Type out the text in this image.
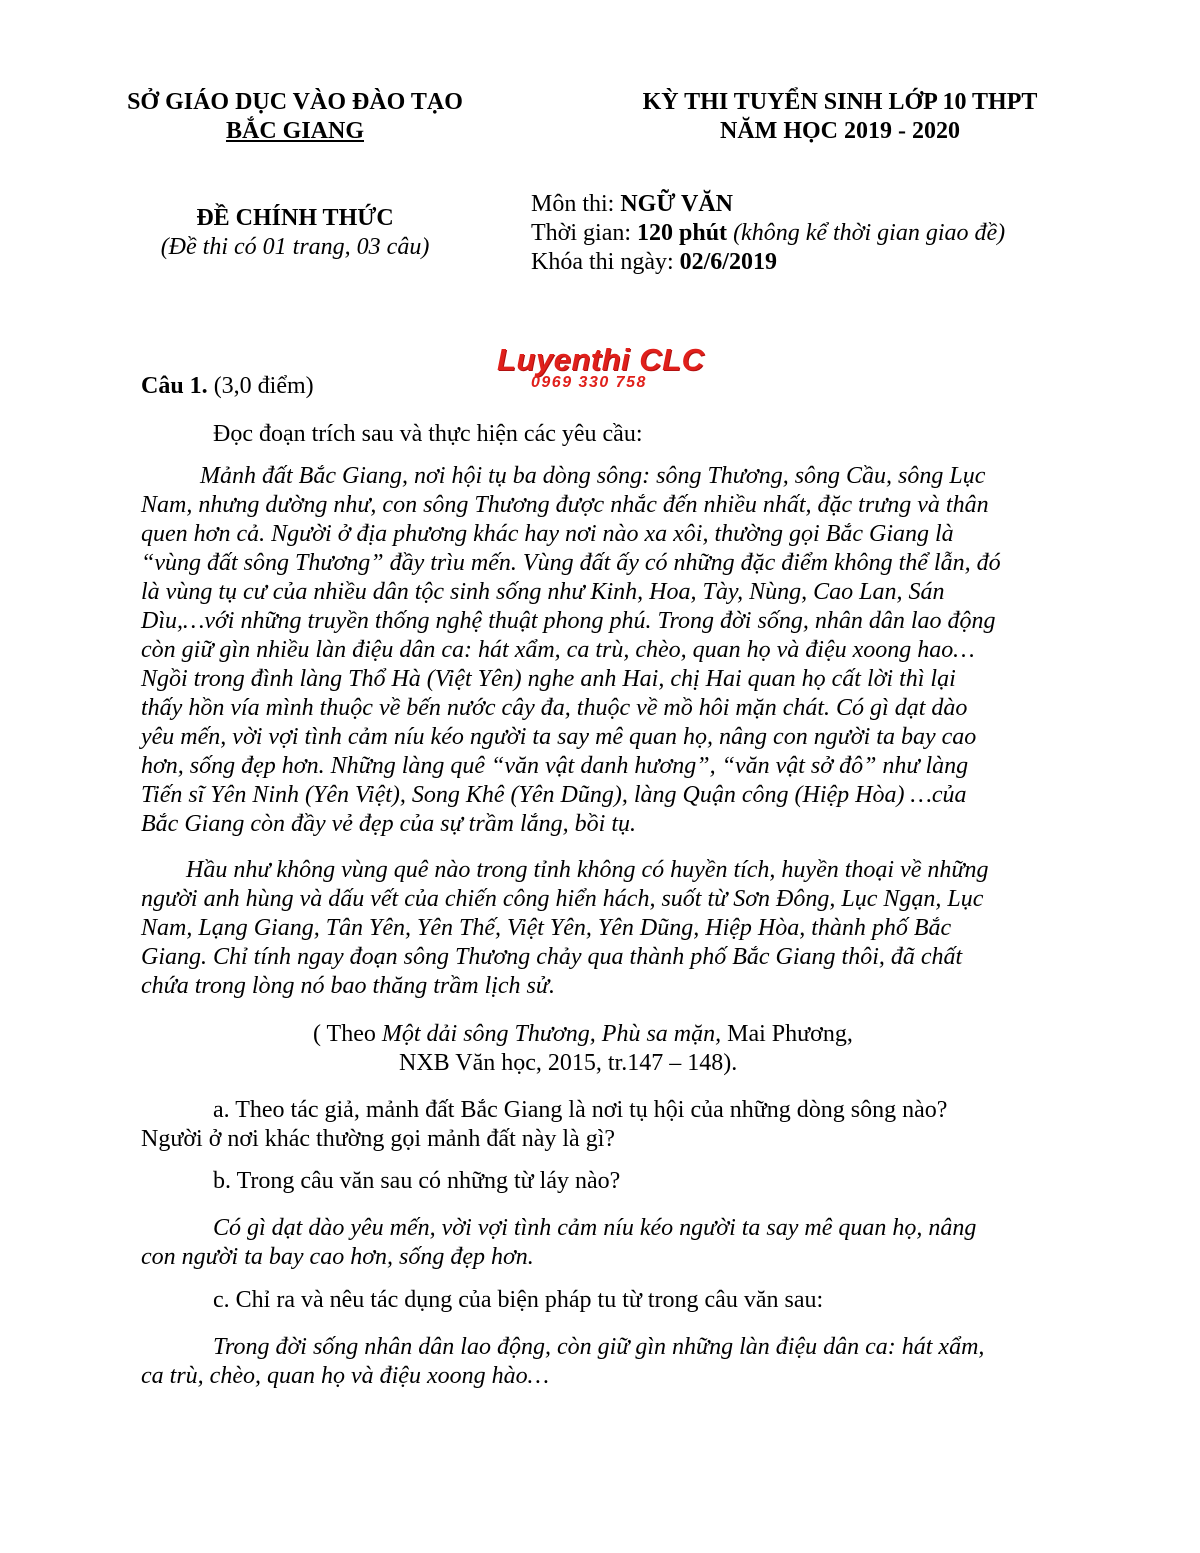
SỞ GIÁO DỤC VÀO ĐÀO TẠO
BẮC GIANG
KỲ THI TUYỂN SINH LỚP 10 THPT
NĂM HỌC 2019 - 2020
ĐỀ CHÍNH THỨC
(Đề thi có 01 trang, 03 câu)
Môn thi: NGỮ VĂN
Thời gian: 120 phút (không kể thời gian giao đề)
Khóa thi ngày: 02/6/2019
Luyenthi CLC
0969 330 758
Câu 1. (3,0 điểm)
Đọc đoạn trích sau và thực hiện các yêu cầu:
Mảnh đất Bắc Giang, nơi hội tụ ba dòng sông: sông Thương, sông Cầu, sông Lục
Nam, nhưng dường như, con sông Thương được nhắc đến nhiều nhất, đặc trưng và thân
quen hơn cả. Người ở địa phương khác hay nơi nào xa xôi, thường gọi Bắc Giang là
“vùng đất sông Thương” đầy trìu mến. Vùng đất ấy có những đặc điểm không thể lẫn, đó
là vùng tụ cư của nhiều dân tộc sinh sống như Kinh, Hoa, Tày, Nùng, Cao Lan, Sán
Dìu,…với những truyền thống nghệ thuật phong phú. Trong đời sống, nhân dân lao động
còn giữ gìn nhiều làn điệu dân ca: hát xẩm, ca trù, chèo, quan họ và điệu xoong hao…
Ngồi trong đình làng Thổ Hà (Việt Yên) nghe anh Hai, chị Hai quan họ cất lời thì lại
thấy hồn vía mình thuộc về bến nước cây đa, thuộc về mồ hôi mặn chát. Có gì dạt dào
yêu mến, vời vợi tình cảm níu kéo người ta say mê quan họ, nâng con người ta bay cao
hơn, sống đẹp hơn. Những làng quê “văn vật danh hương”, “văn vật sở đô” như làng
Tiến sĩ Yên Ninh (Yên Việt), Song Khê (Yên Dũng), làng Quận công (Hiệp Hòa) …của
Bắc Giang còn đầy vẻ đẹp của sự trầm lắng, bồi tụ.
Hầu như không vùng quê nào trong tỉnh không có huyền tích, huyền thoại về những
người anh hùng và dấu vết của chiến công hiển hách, suốt từ Sơn Đông, Lục Ngạn, Lục
Nam, Lạng Giang, Tân Yên, Yên Thế, Việt Yên, Yên Dũng, Hiệp Hòa, thành phố Bắc
Giang. Chỉ tính ngay đoạn sông Thương chảy qua thành phố Bắc Giang thôi, đã chất
chứa trong lòng nó bao thăng trầm lịch sử.
( Theo Một dải sông Thương, Phù sa mặn, Mai Phương,
NXB Văn học, 2015, tr.147 – 148).
a. Theo tác giả, mảnh đất Bắc Giang là nơi tụ hội của những dòng sông nào?
Người ở nơi khác thường gọi mảnh đất này là gì?
b. Trong câu văn sau có những từ láy nào?
Có gì dạt dào yêu mến, vời vợi tình cảm níu kéo người ta say mê quan họ, nâng
con người ta bay cao hơn, sống đẹp hơn.
c. Chỉ ra và nêu tác dụng của biện pháp tu từ trong câu văn sau:
Trong đời sống nhân dân lao động, còn giữ gìn những làn điệu dân ca: hát xẩm,
ca trù, chèo, quan họ và điệu xoong hào…
